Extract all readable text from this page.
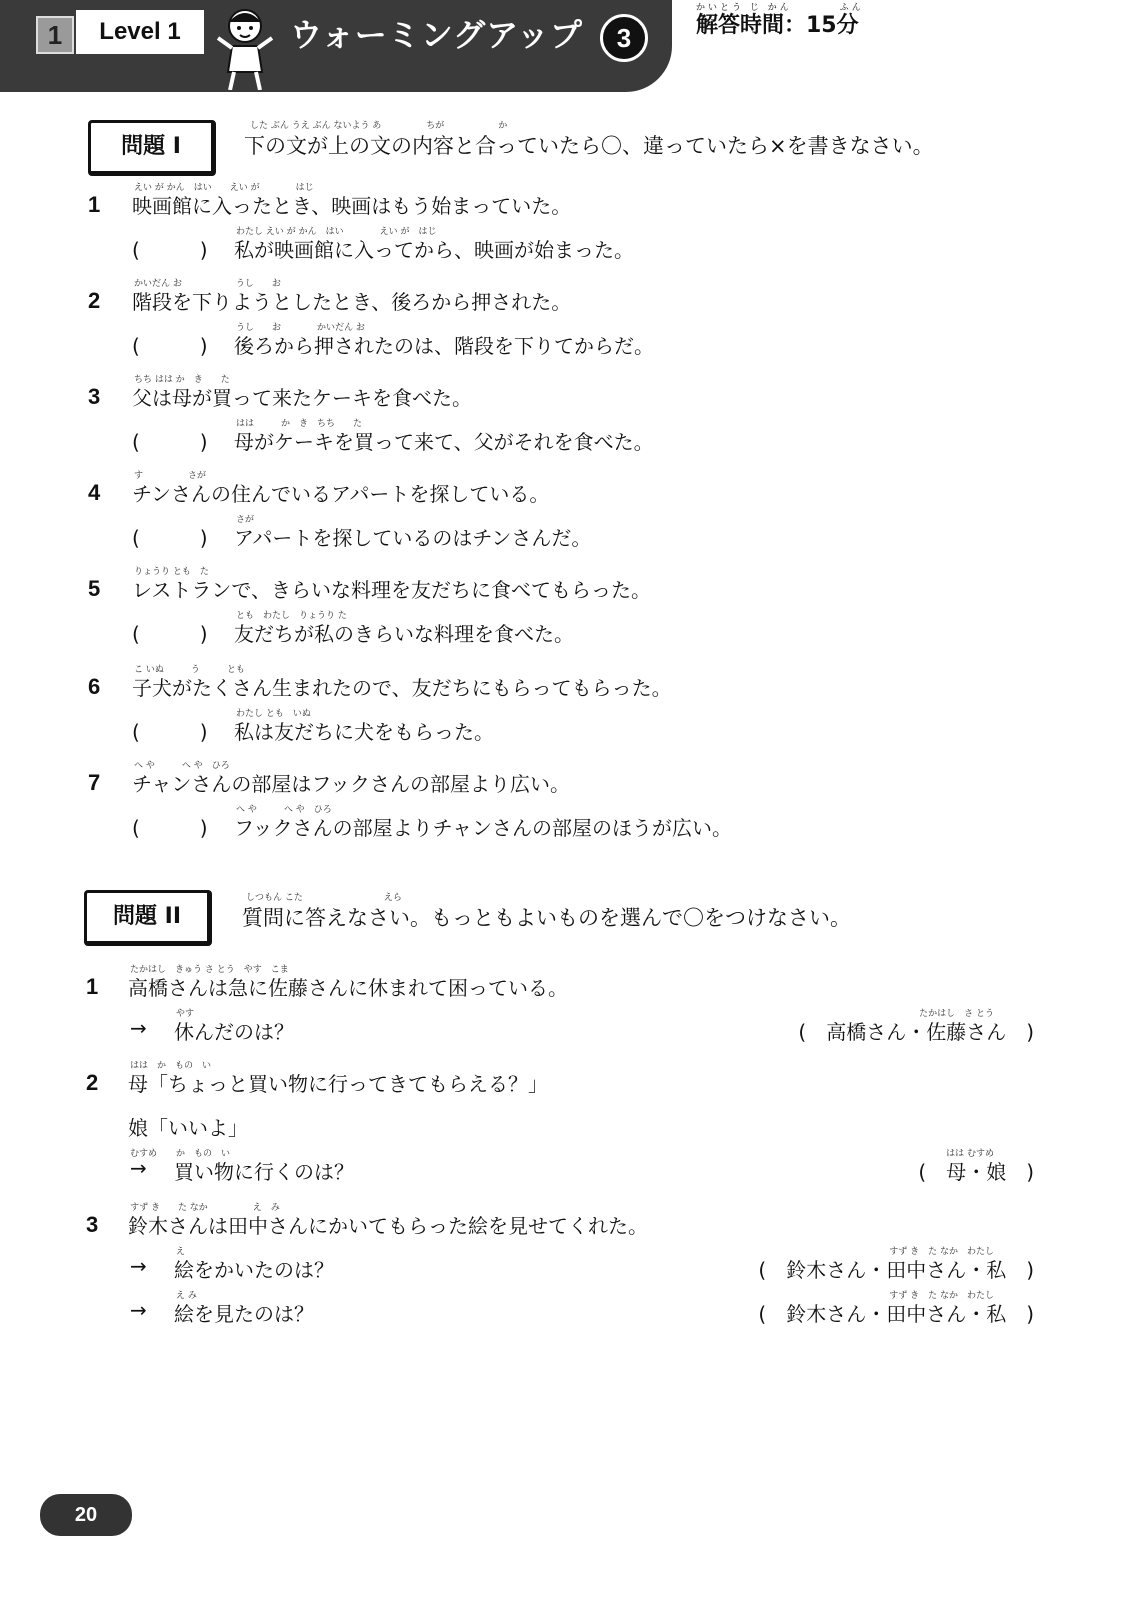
1	Level 1	ウォーミングアップ	3
かいとう じ かん　　　　ふん
解答時間：15分
問題 I
した ぶん うえ ぶん ないよう あ　　　　　ちが　　　　　　か
下の文が上の文の内容と合っていたら〇、違っていたら×を書きなさい。
1
えい が かん　はい　　えい が　　　　はじ
映画館に入ったとき、映画はもう始まっていた。
(　　　)
わたし えい が かん　はい　　　　えい が　はじ
私が映画館に入ってから、映画が始まった。
2
かいだん お　　　　　　うし　　お
階段を下りようとしたとき、後ろから押された。
(　　　)
うし　　お　　　　かいだん お
後ろから押されたのは、階段を下りてからだ。
3
ちち はは か　き　　た
父は母が買って来たケーキを食べた。
(　　　)
はは　　　か　き　ちち　　た
母がケーキを買って来て、父がそれを食べた。
4
す　　　　　さが
チンさんの住んでいるアパートを探している。
(　　　)
さが
アパートを探しているのはチンさんだ。
5
りょうり とも　た
レストランで、きらいな料理を友だちに食べてもらった。
(　　　)
とも　わたし　りょうり た
友だちが私のきらいな料理を食べた。
6
こ いぬ　　　う　　　とも
子犬がたくさん生まれたので、友だちにもらってもらった。
(　　　)
わたし とも　いぬ
私は友だちに犬をもらった。
7
へ や　　　へ や　ひろ
チャンさんの部屋はフックさんの部屋より広い。
(　　　)
へ や　　　へ や　ひろ
フックさんの部屋よりチャンさんの部屋のほうが広い。
問題 II
しつもん こた　　　　　　　　　えら
質問に答えなさい。もっともよいものを選んで〇をつけなさい。
1
たかはし　きゅう さ とう　やす　こま
高橋さんは急に佐藤さんに休まれて困っている。
→
やす
休んだのは？
たかはし　さ とう
(　高橋さん・佐藤さん　)
2
はは　か　もの　い
母「ちょっと買い物に行ってきてもらえる？」
むすめ
娘「いいよ」
→
か　もの　い
買い物に行くのは？
はは むすめ
(　母・娘　)
3
すず き　　た なか　　　　　え　み
鈴木さんは田中さんにかいてもらった絵を見せてくれた。
→
え
絵をかいたのは？
すず き　た なか　わたし
(　鈴木さん・田中さん・私　)
→
え み
絵を見たのは？
すず き　た なか　わたし
(　鈴木さん・田中さん・私　)
20
